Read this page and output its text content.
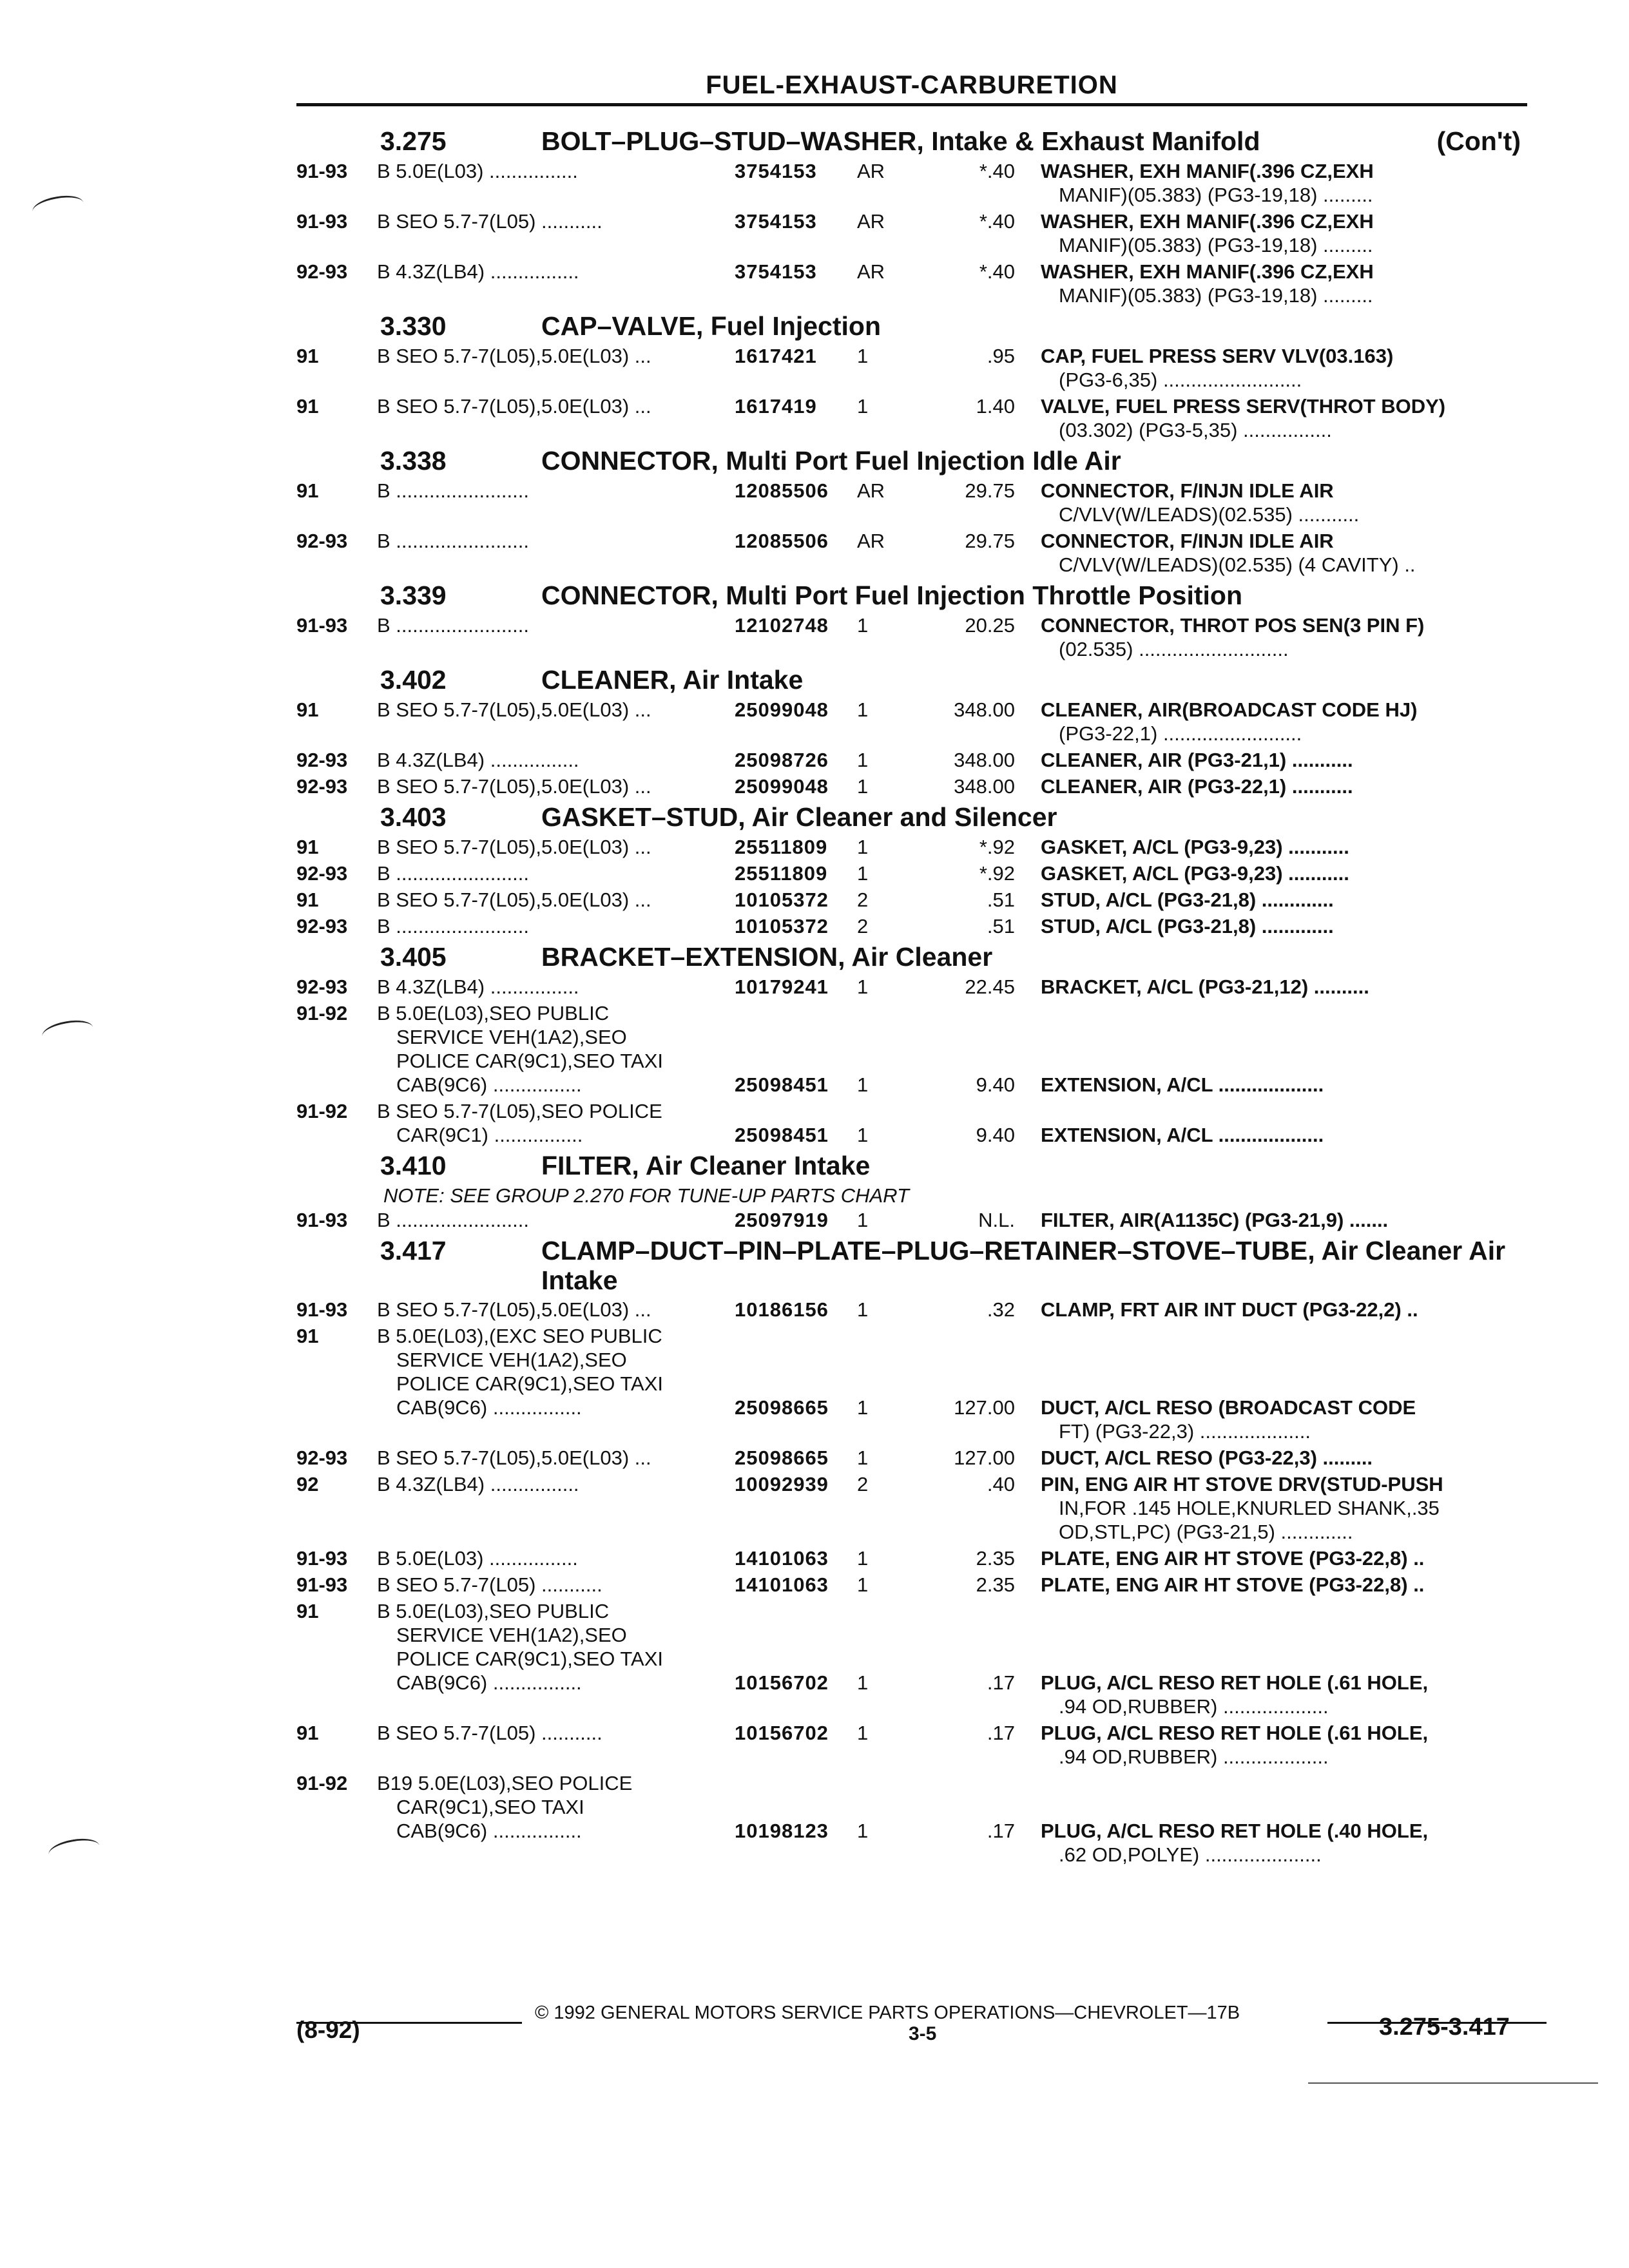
FUEL-EXHAUST-CARBURETION
3.275	BOLT–PLUG–STUD–WASHER, Intake & Exhaust Manifold	(Con't)
91-93	B 5.0E(L03) ................	3754153	AR	*.40	WASHER, EXH MANIF(.396 CZ,EXH
MANIF)(05.383) (PG3-19,18) .........
91-93	B SEO 5.7-7(L05) ...........	3754153	AR	*.40	WASHER, EXH MANIF(.396 CZ,EXH
MANIF)(05.383) (PG3-19,18) .........
92-93	B 4.3Z(LB4) ................	3754153	AR	*.40	WASHER, EXH MANIF(.396 CZ,EXH
MANIF)(05.383) (PG3-19,18) .........
3.330	CAP–VALVE, Fuel Injection
91	B SEO 5.7-7(L05),5.0E(L03) ...	1617421	1	.95	CAP, FUEL PRESS SERV VLV(03.163)
(PG3-6,35) .........................
91	B SEO 5.7-7(L05),5.0E(L03) ...	1617419	1	1.40	VALVE, FUEL PRESS SERV(THROT BODY)
(03.302) (PG3-5,35) ................
3.338	CONNECTOR, Multi Port Fuel Injection Idle Air
91	B ........................	12085506	AR	29.75	CONNECTOR, F/INJN IDLE AIR
C/VLV(W/LEADS)(02.535) ...........
92-93	B ........................	12085506	AR	29.75	CONNECTOR, F/INJN IDLE AIR
C/VLV(W/LEADS)(02.535) (4 CAVITY) ..
3.339	CONNECTOR, Multi Port Fuel Injection Throttle Position
91-93	B ........................	12102748	1	20.25	CONNECTOR, THROT POS SEN(3 PIN F)
(02.535) ...........................
3.402	CLEANER, Air Intake
91	B SEO 5.7-7(L05),5.0E(L03) ...	25099048	1	348.00	CLEANER, AIR(BROADCAST CODE HJ)
(PG3-22,1) .........................
92-93	B 4.3Z(LB4) ................	25098726	1	348.00	CLEANER, AIR (PG3-21,1) ...........
92-93	B SEO 5.7-7(L05),5.0E(L03) ...	25099048	1	348.00	CLEANER, AIR (PG3-22,1) ...........
3.403	GASKET–STUD, Air Cleaner and Silencer
91	B SEO 5.7-7(L05),5.0E(L03) ...	25511809	1	*.92	GASKET, A/CL (PG3-9,23) ...........
92-93	B ........................	25511809	1	*.92	GASKET, A/CL (PG3-9,23) ...........
91	B SEO 5.7-7(L05),5.0E(L03) ...	10105372	2	.51	STUD, A/CL (PG3-21,8) .............
92-93	B ........................	10105372	2	.51	STUD, A/CL (PG3-21,8) .............
3.405	BRACKET–EXTENSION, Air Cleaner
92-93	B 4.3Z(LB4) ................	10179241	1	22.45	BRACKET, A/CL (PG3-21,12) ..........
91-92	B 5.0E(L03),SEO PUBLIC
SERVICE VEH(1A2),SEO
POLICE CAR(9C1),SEO TAXI
CAB(9C6) ................	25098451	1	9.40	EXTENSION, A/CL ...................
91-92	B SEO 5.7-7(L05),SEO POLICE
CAR(9C1) ................	25098451	1	9.40	EXTENSION, A/CL ...................
3.410	FILTER, Air Cleaner Intake
NOTE: SEE GROUP 2.270 FOR TUNE-UP PARTS CHART
91-93	B ........................	25097919	1	N.L.	FILTER, AIR(A1135C) (PG3-21,9) .......
3.417	CLAMP–DUCT–PIN–PLATE–PLUG–RETAINER–STOVE–TUBE, Air Cleaner Air Intake
91-93	B SEO 5.7-7(L05),5.0E(L03) ...	10186156	1	.32	CLAMP, FRT AIR INT DUCT (PG3-22,2) ..
91	B 5.0E(L03),(EXC SEO PUBLIC
SERVICE VEH(1A2),SEO
POLICE CAR(9C1),SEO TAXI
CAB(9C6) ................	25098665	1	127.00	DUCT, A/CL RESO (BROADCAST CODE
FT) (PG3-22,3) ....................
92-93	B SEO 5.7-7(L05),5.0E(L03) ...	25098665	1	127.00	DUCT, A/CL RESO (PG3-22,3) .........
92	B 4.3Z(LB4) ................	10092939	2	.40	PIN, ENG AIR HT STOVE DRV(STUD-PUSH
IN,FOR .145 HOLE,KNURLED SHANK,.35
OD,STL,PC) (PG3-21,5) .............
91-93	B 5.0E(L03) ................	14101063	1	2.35	PLATE, ENG AIR HT STOVE (PG3-22,8) ..
91-93	B SEO 5.7-7(L05) ...........	14101063	1	2.35	PLATE, ENG AIR HT STOVE (PG3-22,8) ..
91	B 5.0E(L03),SEO PUBLIC
SERVICE VEH(1A2),SEO
POLICE CAR(9C1),SEO TAXI
CAB(9C6) ................	10156702	1	.17	PLUG, A/CL RESO RET HOLE (.61 HOLE,
.94 OD,RUBBER) ...................
91	B SEO 5.7-7(L05) ...........	10156702	1	.17	PLUG, A/CL RESO RET HOLE (.61 HOLE,
.94 OD,RUBBER) ...................
91-92	B19 5.0E(L03),SEO POLICE
CAR(9C1),SEO TAXI
CAB(9C6) ................	10198123	1	.17	PLUG, A/CL RESO RET HOLE (.40 HOLE,
.62 OD,POLYE) .....................
© 1992 GENERAL MOTORS SERVICE PARTS OPERATIONS—CHEVROLET—17B
(8-92)	3-5	3.275-3.417
